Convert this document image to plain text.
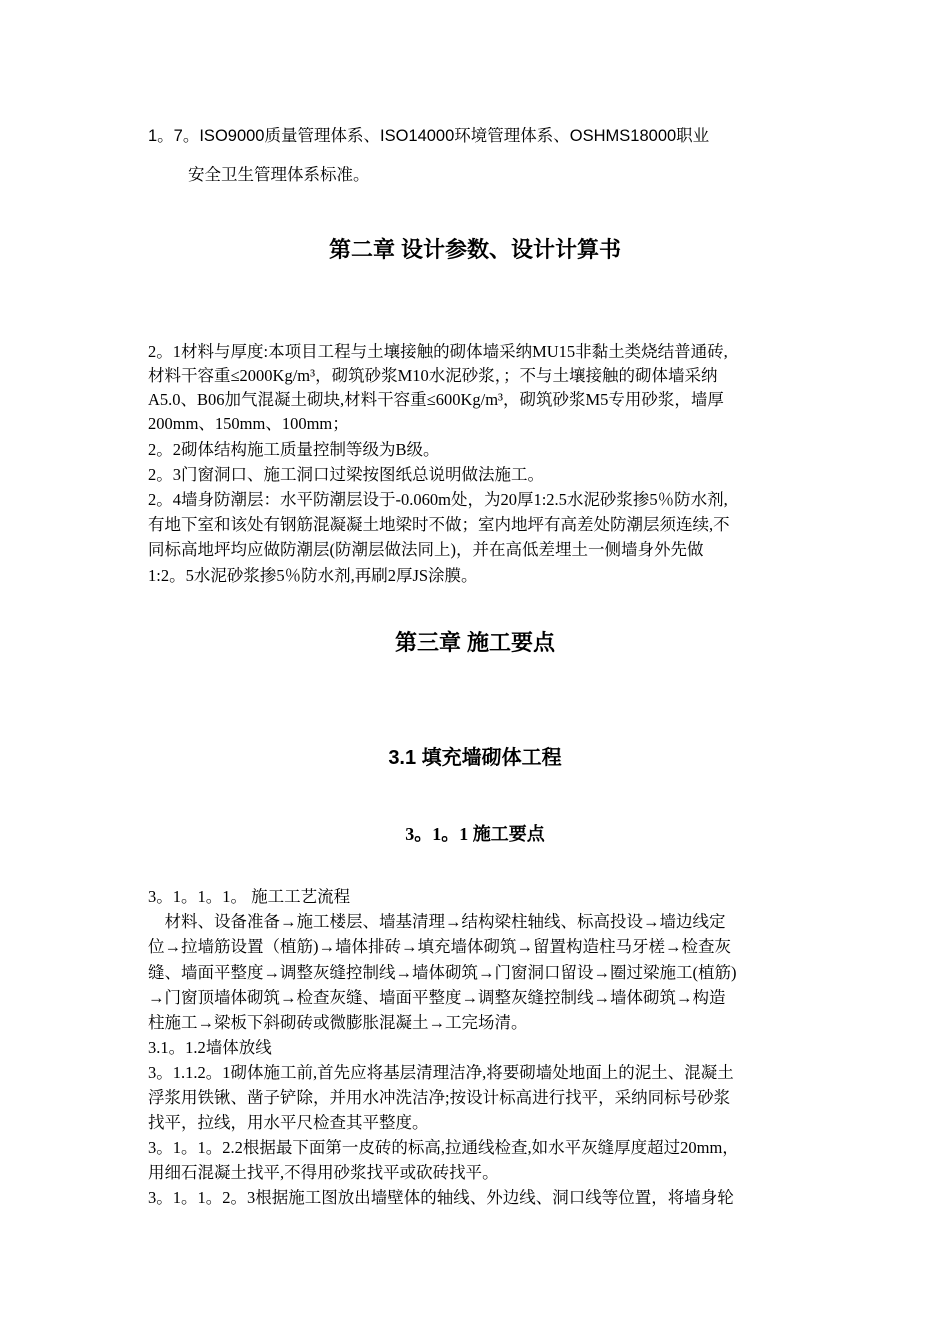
1。7。ISO9000质量管理体系、ISO14000环境管理体系、OSHMS18000职业
安全卫生管理体系标准。
第二章 设计参数、设计计算书
2。1材料与厚度:本项目工程与土壤接触的砌体墙采纳MU15非黏土类烧结普通砖,
材料干容重≤2000Kg/m³，砌筑砂浆M10水泥砂浆，；不与土壤接触的砌体墙采纳
A5.0、B06加气混凝土砌块,材料干容重≤600Kg/m³，砌筑砂浆M5专用砂浆，墙厚
200mm、150mm、100mm；
2。2砌体结构施工质量控制等级为B级。
2。3门窗洞口、施工洞口过梁按图纸总说明做法施工。
2。4墙身防潮层：水平防潮层设于-0.060m处，为20厚1:2.5水泥砂浆掺5％防水剂,
有地下室和该处有钢筋混凝凝土地梁时不做；室内地坪有高差处防潮层须连续,不
同标高地坪均应做防潮层(防潮层做法同上)，并在高低差埋土一侧墙身外先做
1:2。5水泥砂浆掺5％防水剂,再刷2厚JS涂膜。
第三章 施工要点
3.1 填充墙砌体工程
3。1。1 施工要点
3。1。1。1。 施工工艺流程
　材料、设备准备→施工楼层、墙基清理→结构梁柱轴线、标高投设→墙边线定
位→拉墙筋设置（植筋)→墙体排砖→填充墙体砌筑→留置构造柱马牙槎→检查灰
缝、墙面平整度→调整灰缝控制线→墙体砌筑→门窗洞口留设→圈过梁施工(植筋)
→门窗顶墙体砌筑→检查灰缝、墙面平整度→调整灰缝控制线→墙体砌筑→构造
柱施工→梁板下斜砌砖或微膨胀混凝土→工完场清。
3.1。1.2墙体放线
3。1.1.2。1砌体施工前,首先应将基层清理洁净,将要砌墙处地面上的泥土、混凝土
浮浆用铁锹、凿子铲除，并用水冲洗洁净;按设计标高进行找平，采纳同标号砂浆
找平，拉线，用水平尺检查其平整度。
3。1。1。2.2根据最下面第一皮砖的标高,拉通线检查,如水平灰缝厚度超过20mm，
用细石混凝土找平,不得用砂浆找平或砍砖找平。
3。1。1。2。3根据施工图放出墙壁体的轴线、外边线、洞口线等位置，将墙身轮
